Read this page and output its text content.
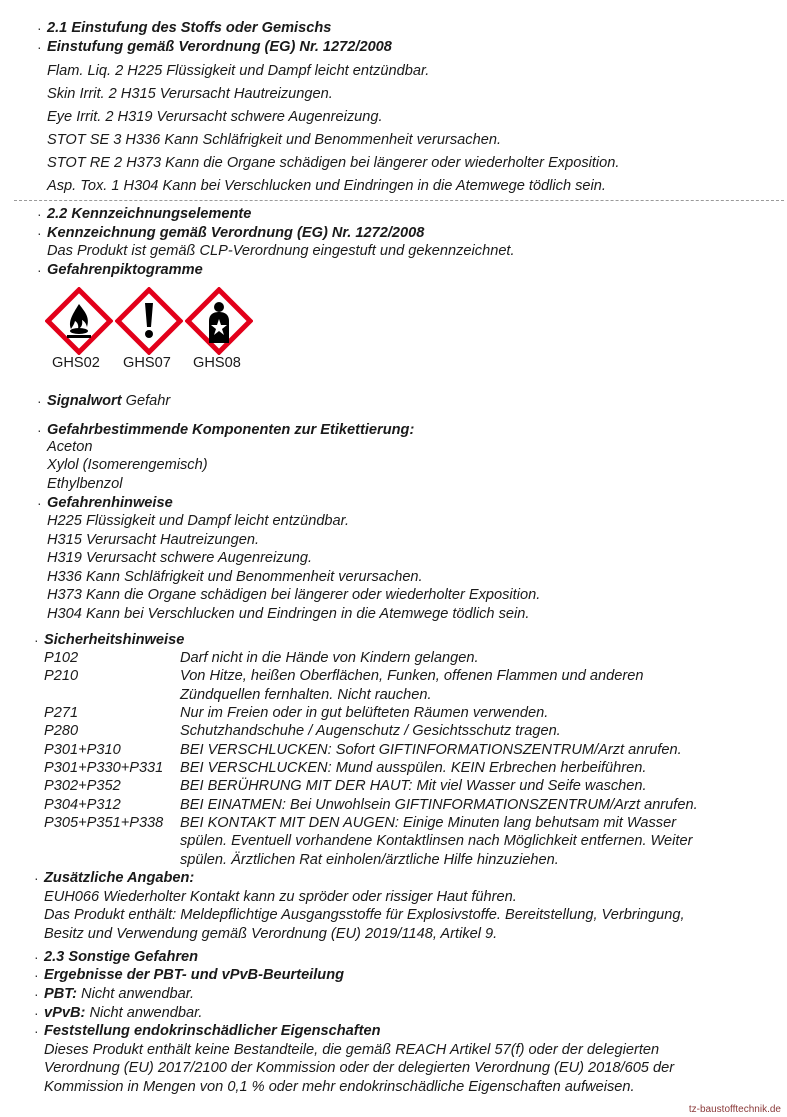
· 2.1 Einstufung des Stoffs oder Gemischs
· Einstufung gemäß Verordnung (EG) Nr. 1272/2008
Flam. Liq. 2 H225 Flüssigkeit und Dampf leicht entzündbar.
Skin Irrit. 2 H315 Verursacht Hautreizungen.
Eye Irrit. 2 H319 Verursacht schwere Augenreizung.
STOT SE 3 H336 Kann Schläfrigkeit und Benommenheit verursachen.
STOT RE 2 H373 Kann die Organe schädigen bei längerer oder wiederholter Exposition.
Asp. Tox. 1 H304 Kann bei Verschlucken und Eindringen in die Atemwege tödlich sein.
· 2.2 Kennzeichnungselemente
· Kennzeichnung gemäß Verordnung (EG) Nr. 1272/2008
Das Produkt ist gemäß CLP-Verordnung eingestuft und gekennzeichnet.
· Gefahrenpiktogramme
GHS02 GHS07 GHS08
· Signalwort Gefahr
· Gefahrbestimmende Komponenten zur Etikettierung:
Aceton
Xylol (Isomerengemisch)
Ethylbenzol
· Gefahrenhinweise
H225 Flüssigkeit und Dampf leicht entzündbar.
H315 Verursacht Hautreizungen.
H319 Verursacht schwere Augenreizung.
H336 Kann Schläfrigkeit und Benommenheit verursachen.
H373 Kann die Organe schädigen bei längerer oder wiederholter Exposition.
H304 Kann bei Verschlucken und Eindringen in die Atemwege tödlich sein.
· Sicherheitshinweise
P102	Darf nicht in die Hände von Kindern gelangen.
P210	Von Hitze, heißen Oberflächen, Funken, offenen Flammen und anderen
Zündquellen fernhalten. Nicht rauchen.
P271	Nur im Freien oder in gut belüfteten Räumen verwenden.
P280	Schutzhandschuhe / Augenschutz / Gesichtsschutz tragen.
P301+P310	BEI VERSCHLUCKEN: Sofort GIFTINFORMATIONSZENTRUM/Arzt anrufen.
P301+P330+P331 BEI VERSCHLUCKEN: Mund ausspülen. KEIN Erbrechen herbeiführen.
P302+P352	BEI BERÜHRUNG MIT DER HAUT: Mit viel Wasser und Seife waschen.
P304+P312	BEI EINATMEN: Bei Unwohlsein GIFTINFORMATIONSZENTRUM/Arzt anrufen.
P305+P351+P338 BEI KONTAKT MIT DEN AUGEN: Einige Minuten lang behutsam mit Wasser
spülen. Eventuell vorhandene Kontaktlinsen nach Möglichkeit entfernen. Weiter
spülen. Ärztlichen Rat einholen/ärztliche Hilfe hinzuziehen.
· Zusätzliche Angaben:
EUH066 Wiederholter Kontakt kann zu spröder oder rissiger Haut führen.
Das Produkt enthält: Meldepflichtige Ausgangsstoffe für Explosivstoffe. Bereitstellung, Verbringung,
Besitz und Verwendung gemäß Verordnung (EU) 2019/1148, Artikel 9.
· 2.3 Sonstige Gefahren
· Ergebnisse der PBT- und vPvB-Beurteilung
· PBT: Nicht anwendbar.
· vPvB: Nicht anwendbar.
· Feststellung endokrinschädlicher Eigenschaften
Dieses Produkt enthält keine Bestandteile, die gemäß REACH Artikel 57(f) oder der delegierten
Verordnung (EU) 2017/2100 der Kommission oder der delegierten Verordnung (EU) 2018/605 der
Kommission in Mengen von 0,1 % oder mehr endokrinschädliche Eigenschaften aufweisen.
tz-baustofftechnik.de
